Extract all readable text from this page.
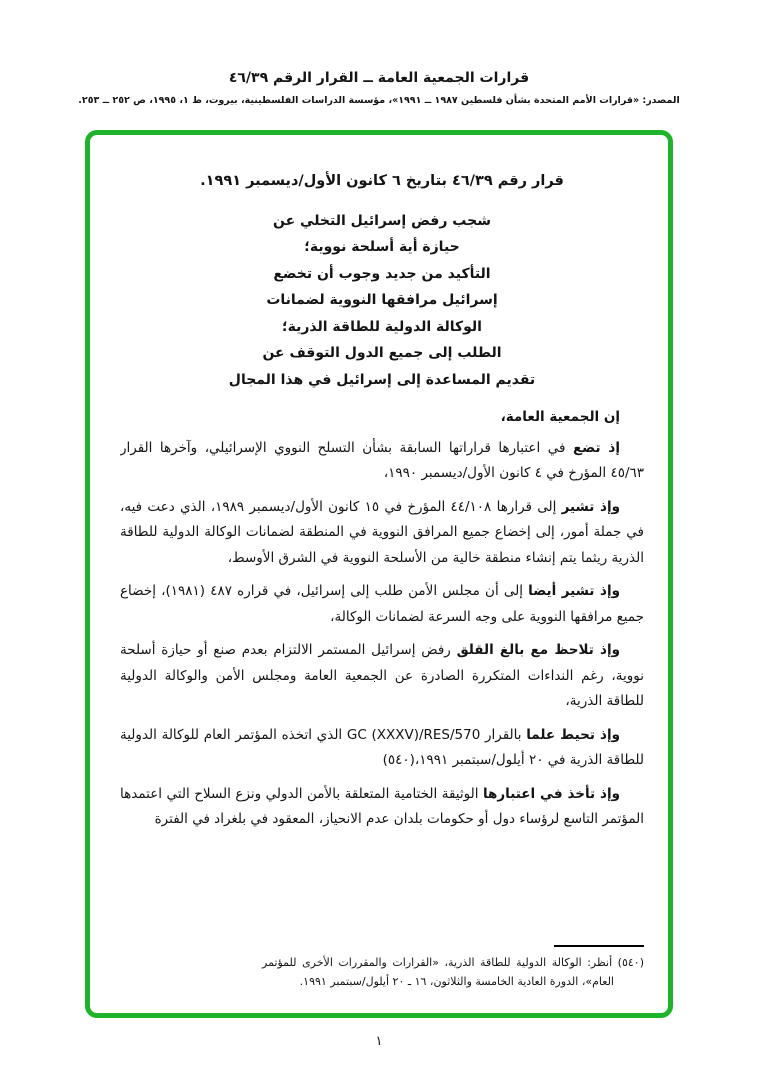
قرارات الجمعية العامة ــ القرار الرقم ٤٦/٣٩
المصدر: «قرارات الأمم المتحدة بشأن فلسطين ١٩٨٧ ــ ١٩٩١»، مؤسسة الدراسات الفلسطينية، بيروت، ط ١، ١٩٩٥، ص ٢٥٢ ــ ٢٥٣.
قرار رقم ٤٦/٣٩ بتاريخ ٦ كانون الأول/ديسمبر ١٩٩١.
شجب رفض إسرائيل التخلي عن
حيازة أية أسلحة نووية؛
التأكيد من جديد وجوب أن تخضع
إسرائيل مرافقها النووية لضمانات
الوكالة الدولية للطاقة الذرية؛
الطلب إلى جميع الدول التوقف عن
تقديم المساعدة إلى إسرائيل في هذا المجال

إن الجمعية العامة،

إذ تضع في اعتبارها قراراتها السابقة بشأن التسلح النووي الإسرائيلي، وآخرها القرار ٤٥/٦٣ المؤرخ في ٤ كانون الأول/ديسمبر ١٩٩٠،

وإذ تشير إلى قرارها ٤٤/١٠٨ المؤرخ في ١٥ كانون الأول/ديسمبر ١٩٨٩، الذي دعت فيه، في جملة أمور، إلى إخضاع جميع المرافق النووية في المنطقة لضمانات الوكالة الدولية للطاقة الذرية ريثما يتم إنشاء منطقة خالية من الأسلحة النووية في الشرق الأوسط،

وإذ تشير أيضا إلى أن مجلس الأمن طلب إلى إسرائيل، في قراره ٤٨٧ (١٩٨١)، إخضاع جميع مرافقها النووية على وجه السرعة لضمانات الوكالة،

وإذ تلاحظ مع بالغ القلق رفض إسرائيل المستمر الالتزام بعدم صنع أو حيازة أسلحة نووية، رغم النداءات المتكررة الصادرة عن الجمعية العامة ومجلس الأمن والوكالة الدولية للطاقة الذرية،

وإذ تحيط علما بالقرار GC (XXXV)/RES/570 الذي اتخذه المؤتمر العام للوكالة الدولية للطاقة الذرية في ٢٠ أيلول/سبتمبر ١٩٩١،(٥٤٠)

وإذ تأخذ في اعتبارها الوثيقة الختامية المتعلقة بالأمن الدولي ونزع السلاح التي اعتمدها المؤتمر التاسع لرؤساء دول أو حكومات بلدان عدم الانحياز، المعقود في بلغراد في الفترة

(٥٤٠) أنظر: الوكالة الدولية للطاقة الذرية، «القرارات والمقررات الأخرى للمؤتمر العام»، الدورة العادية الخامسة والثلاثون، ١٦ ـ ٢٠ أيلول/سبتمبر ١٩٩١.

١
